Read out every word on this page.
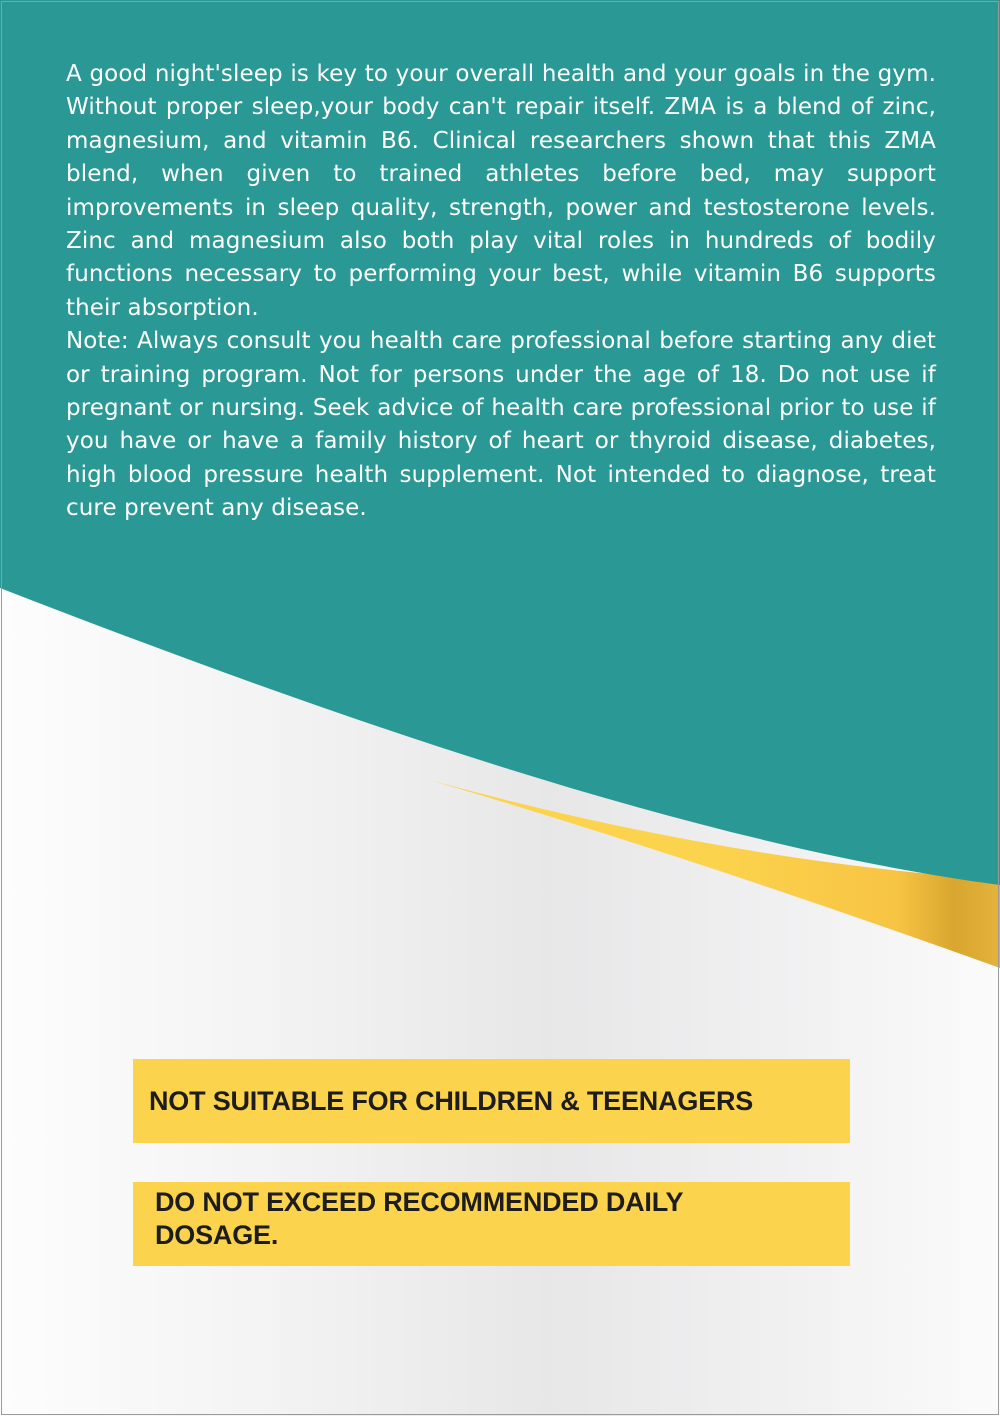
A good night'sleep is key to your overall health and your goals in the gym. Without proper sleep,your body can't repair itself. ZMA is a blend of zinc, magnesium, and vitamin B6. Clinical researchers shown that this ZMA blend, when given to trained athletes before bed, may support improvements in sleep quality, strength, power and testosterone levels. Zinc and magnesium also both play vital roles in hundreds of bodily functions necessary to performing your best, while vitamin B6 supports their absorption.

Note: Always consult you health care professional before starting any diet or training program. Not for persons under the age of 18. Do not use if pregnant or nursing. Seek advice of health care professional prior to use if you have or have a family history of heart or thyroid disease, diabetes, high blood pressure health supplement. Not intended to diagnose, treat cure prevent any disease.

NOT SUITABLE FOR CHILDREN & TEENAGERS
DO NOT EXCEED RECOMMENDED DAILY DOSAGE.
